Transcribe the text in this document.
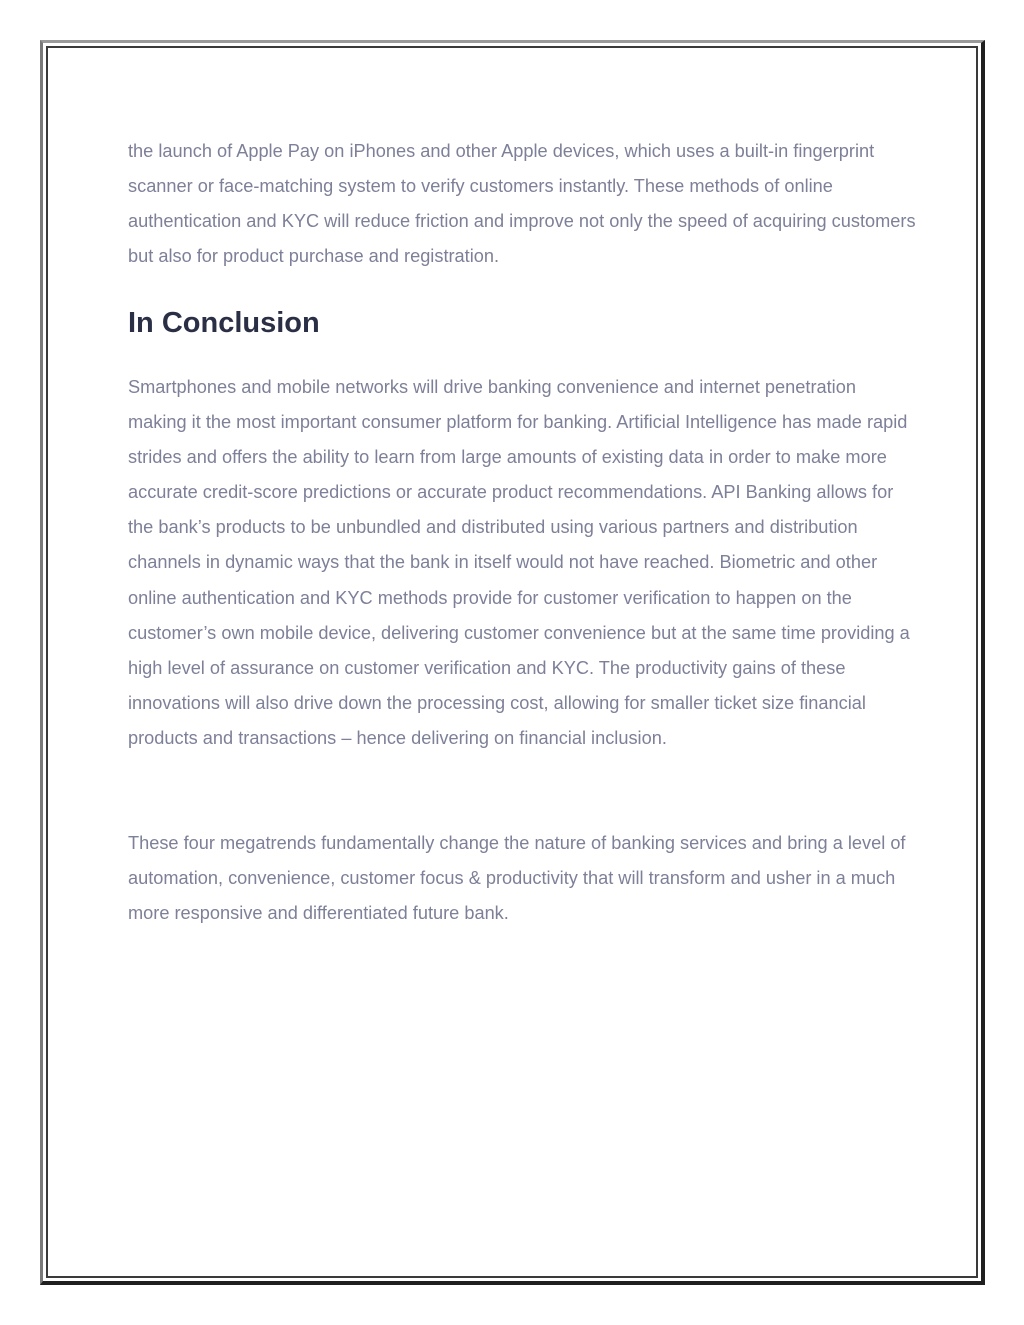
the launch of Apple Pay on iPhones and other Apple devices, which uses a built-in fingerprint scanner or face-matching system to verify customers instantly. These methods of online authentication and KYC will reduce friction and improve not only the speed of acquiring customers but also for product purchase and registration.

In Conclusion

Smartphones and mobile networks will drive banking convenience and internet penetration making it the most important consumer platform for banking. Artificial Intelligence has made rapid strides and offers the ability to learn from large amounts of existing data in order to make more accurate credit-score predictions or accurate product recommendations. API Banking allows for the bank’s products to be unbundled and distributed using various partners and distribution channels in dynamic ways that the bank in itself would not have reached. Biometric and other online authentication and KYC methods provide for customer verification to happen on the customer’s own mobile device, delivering customer convenience but at the same time providing a high level of assurance on customer verification and KYC. The productivity gains of these innovations will also drive down the processing cost, allowing for smaller ticket size financial products and transactions – hence delivering on financial inclusion.

These four megatrends fundamentally change the nature of banking services and bring a level of automation, convenience, customer focus & productivity that will transform and usher in a much more responsive and differentiated future bank.
